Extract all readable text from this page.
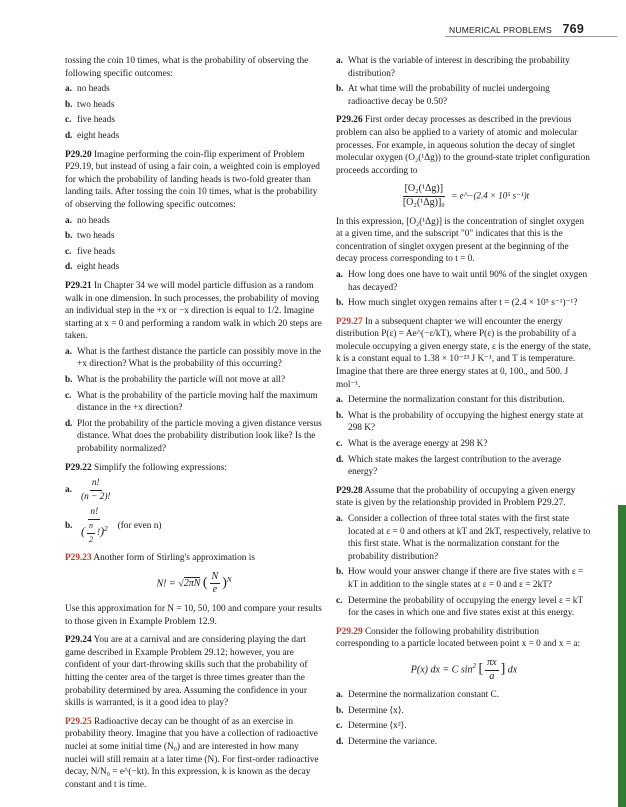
NUMERICAL PROBLEMS 769

tossing the coin 10 times, what is the probability of observing the following specific outcomes:

a. no heads
b. two heads
c. five heads
d. eight heads

P29.20 Imagine performing the coin-flip experiment of Problem P29.19, but instead of using a fair coin, a weighted coin is employed for which the probability of landing heads is two-fold greater than landing tails. After tossing the coin 10 times, what is the probability of observing the following specific outcomes:

a. no heads
b. two heads
c. five heads
d. eight heads

P29.21 In Chapter 34 we will model particle diffusion as a random walk in one dimension. In such processes, the probability of moving an individual step in the +x or −x direction is equal to 1/2. Imagine starting at x = 0 and performing a random walk in which 20 steps are taken.

a. What is the farthest distance the particle can possibly move in the +x direction? What is the probability of this occurring?
b. What is the probability the particle will not move at all?
c. What is the probability of the particle moving half the maximum distance in the +x direction?
d. Plot the probability of the particle moving a given distance versus distance. What does the probability distribution look like? Is the probability normalized?

P29.22 Simplify the following expressions:

a. $\frac{n!}{(n - 2)!}$
b. $\frac{n!}{( \frac{n}{2} !)^2} (for$ even n)

P29.23 Another form of Stirling's approximation is

N! = √2πN ( $\frac{N}{e} )^N$

Use this approximation for N = 10, 50, 100 and compare your results to those given in Example Problem 12.9.

P29.24 You are at a carnival and are considering playing the dart game described in Example Problem 29.12; however, you are confident of your dart-throwing skills such that the probability of hitting the center area of the target is three times greater than the probability determined by area. Assuming the confidence in your skills is warranted, is it a good idea to play?

P29.25 Radioactive decay can be thought of as an exercise in probability theory. Imagine that you have a collection of radioactive nuclei at some initial time (N₀) and are interested in how many nuclei will still remain at a later time (N). For first-order radioactive decay, N/N₀ = e^(−kt). In this expression, k is known as the decay constant and t is time.

a. What is the variable of interest in describing the probability distribution?
b. At what time will the probability of nuclei undergoing radioactive decay be 0.50?

P29.26 First order decay processes as described in the previous problem can also be applied to a variety of atomic and molecular processes. For example, in aqueous solution the decay of singlet molecular oxygen (O₂(¹Δg)) to the ground-state triplet configuration proceeds according to

$\frac{\text{[O₂(¹Δg)]}}{\text{[O₂(¹Δg)]₀}}$ = e^−(2.4 × 10⁵ s⁻¹)t

In this expression, [O₂(¹Δg)] is the concentration of singlet oxygen at a given time, and the subscript "0" indicates that this is the concentration of singlet oxygen present at the beginning of the decay process corresponding to t = 0.

a. How long does one have to wait until 90% of the singlet oxygen has decayed?
b. How much singlet oxygen remains after t = (2.4 × 10⁵ s⁻¹)⁻¹?

P29.27 In a subsequent chapter we will encounter the energy distribution P(ε) = Ae^(−ε/kT), where P(ε) is the probability of a molecule occupying a given energy state, ε is the energy of the state, k is a constant equal to 1.38 × 10⁻²³ J K⁻¹, and T is temperature. Imagine that there are three energy states at 0, 100., and 500. J mol⁻¹.

a. Determine the normalization constant for this distribution.
b. What is the probability of occupying the highest energy state at 298 K?
c. What is the average energy at 298 K?
d. Which state makes the largest contribution to the average energy?

P29.28 Assume that the probability of occupying a given energy state is given by the relationship provided in Problem P29.27.

a. Consider a collection of three total states with the first state located at ε = 0 and others at kT and 2kT, respectively, relative to this first state. What is the normalization constant for the probability distribution?
b. How would your answer change if there are five states with ε = kT in addition to the single states at ε = 0 and ε = 2kT?
c. Determine the probability of occupying the energy level ε = kT for the cases in which one and five states exist at this energy.

P29.29 Consider the following probability distribution corresponding to a particle located between point x = 0 and x = a:

P(x) dx = C $\sin^2$ [ $\frac{\pi x}{a}$ ] dx
a. Determine the normalization constant C.
b. Determine ⟨x⟩.
c. Determine ⟨x²⟩.
d. Determine the variance.
